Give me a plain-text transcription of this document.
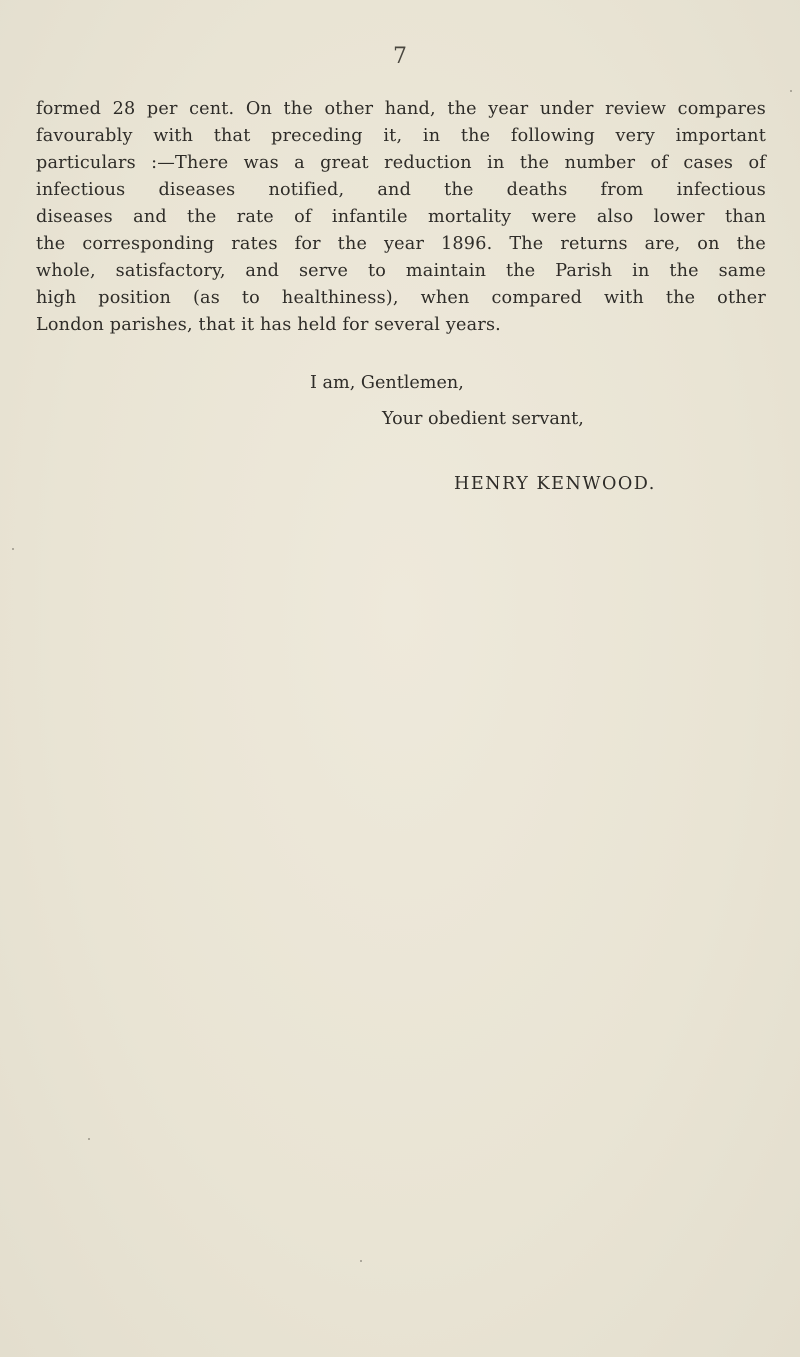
7
formed 28 per cent. On the other hand, the year under review compares
favourably with that preceding it, in the following very important
particulars :—There was a great reduction in the number of cases of
infectious diseases notified, and the deaths from infectious
diseases and the rate of infantile mortality were also lower than
the corresponding rates for the year 1896. The returns are, on the
whole, satisfactory, and serve to maintain the Parish in the same
high position (as to healthiness), when compared with the other
London parishes, that it has held for several years.
I am, Gentlemen,
Your obedient servant,
HENRY KENWOOD.
